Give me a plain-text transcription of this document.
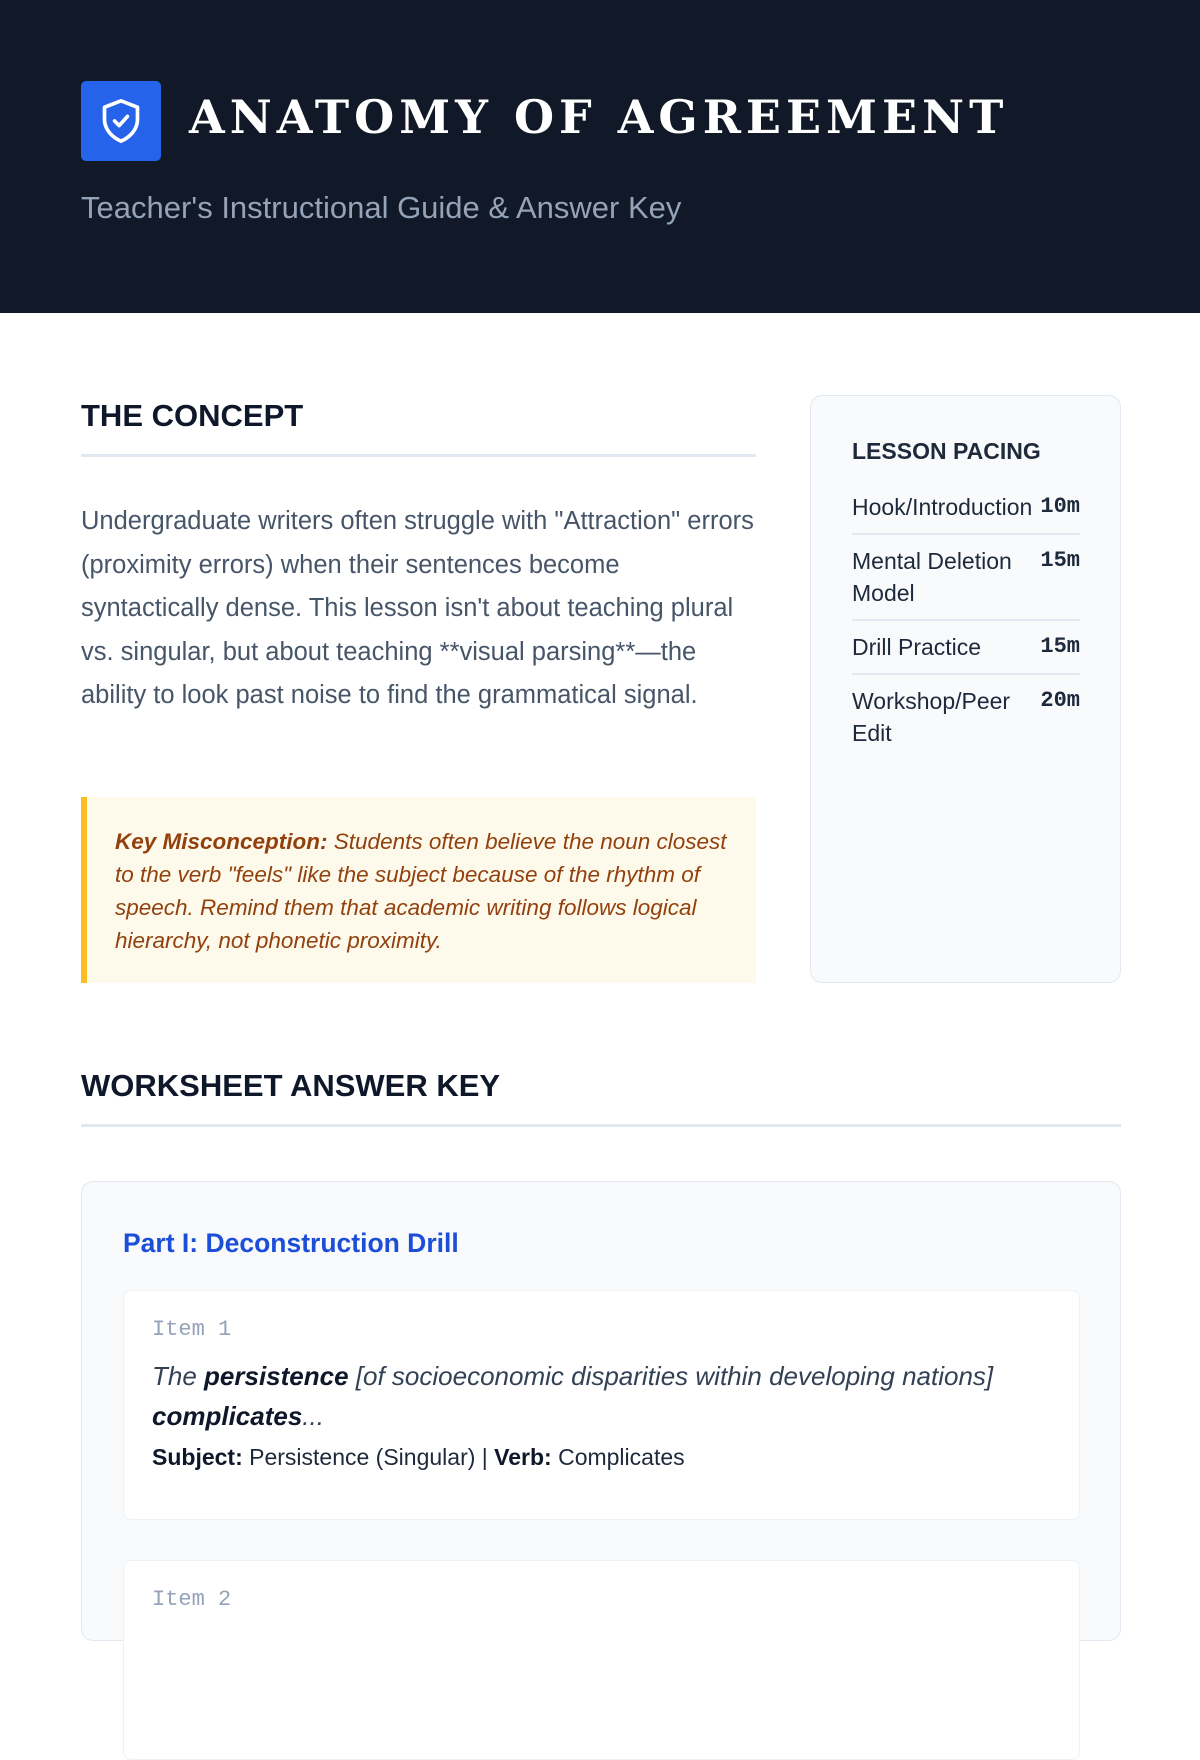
ANATOMY OF AGREEMENT
Teacher's Instructional Guide & Answer Key
THE CONCEPT
Undergraduate writers often struggle with "Attraction" errors (proximity errors) when their sentences become syntactically dense. This lesson isn't about teaching plural vs. singular, but about teaching **visual parsing**—the ability to look past noise to find the grammatical signal.
Key Misconception: Students often believe the noun closest to the verb "feels" like the subject because of the rhythm of speech. Remind them that academic writing follows logical hierarchy, not phonetic proximity.
LESSON PACING
Hook/Introduction 10m
Mental Deletion Model
15m
Drill Practice	15m
Workshop/Peer Edit
20m
WORKSHEET ANSWER KEY
Part I: Deconstruction Drill
Item 1
The persistence [of socioeconomic disparities within developing nations] complicates...
Subject: Persistence (Singular) | Verb: Complicates
Item 2
